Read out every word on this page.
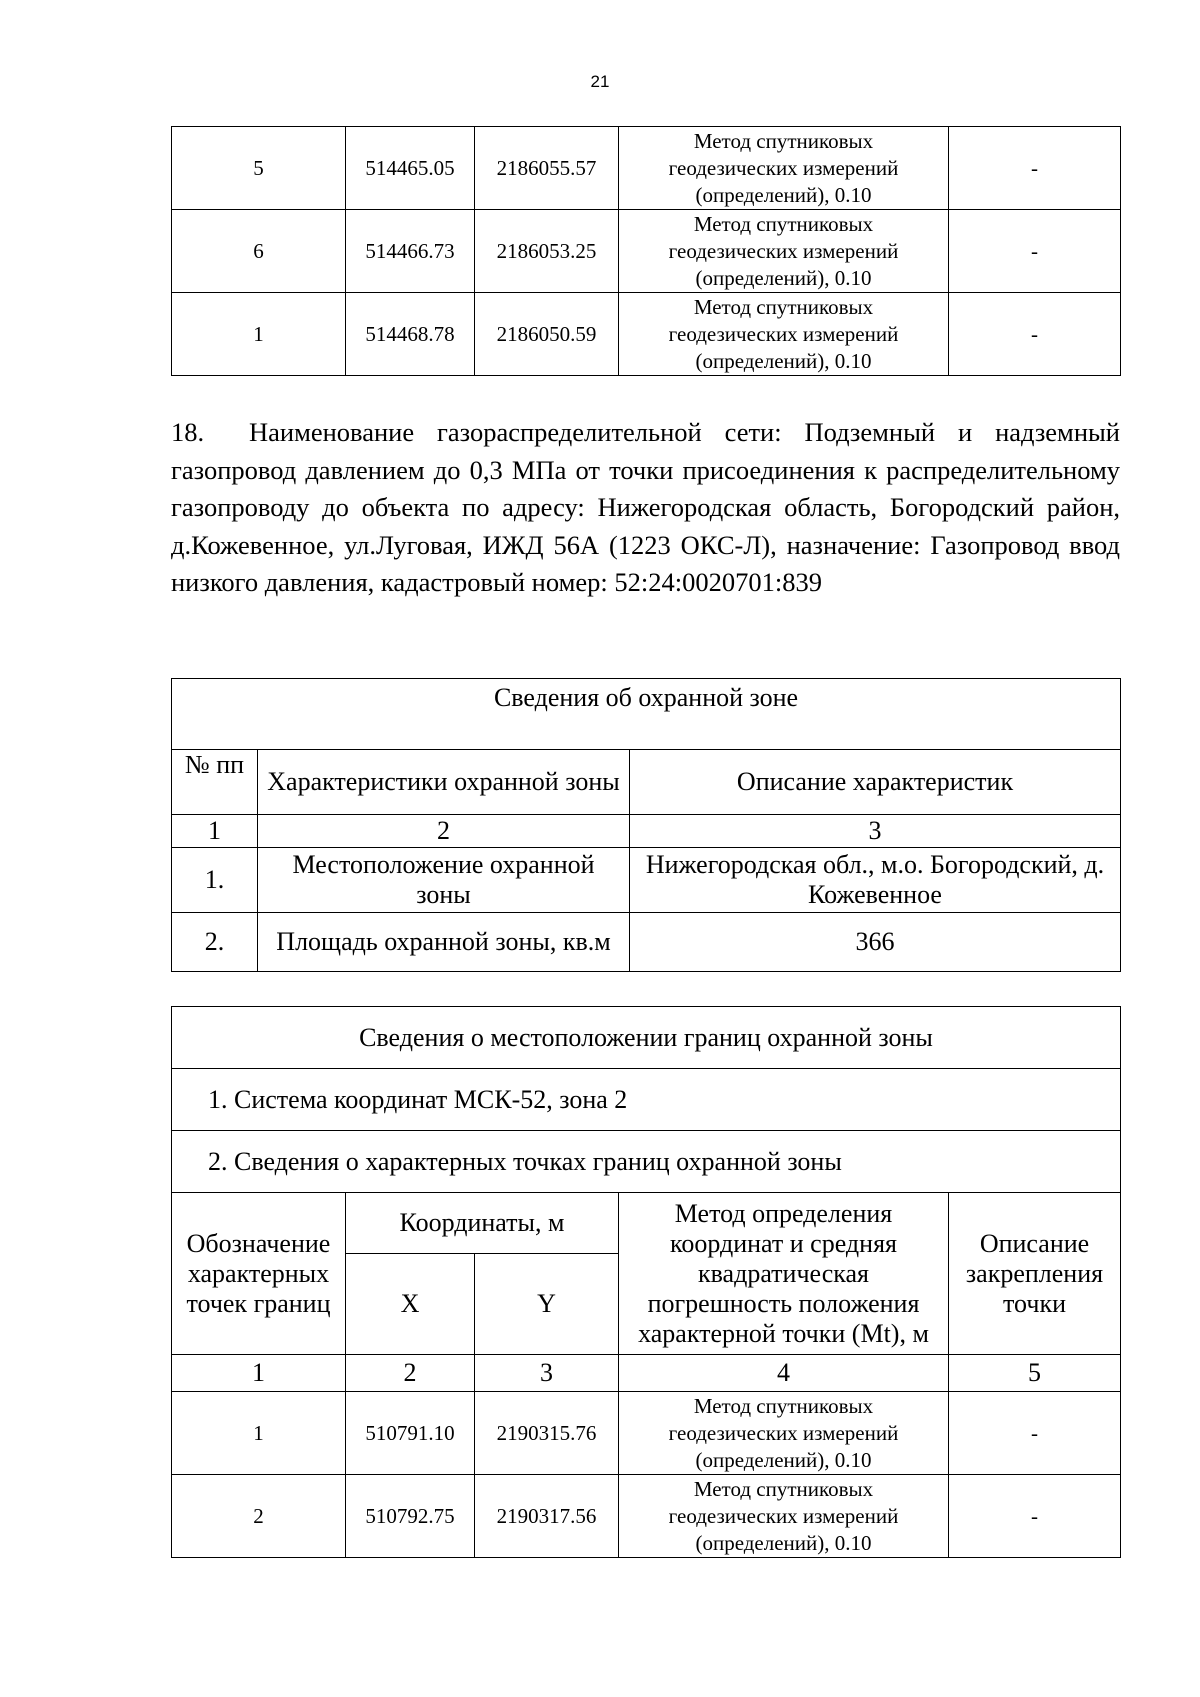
21
5	514465.05	2186055.57	Метод спутниковых
геодезических измерений
(определений), 0.10	-
6	514466.73	2186053.25	Метод спутниковых
геодезических измерений
(определений), 0.10	-
1	514468.78	2186050.59	Метод спутниковых
геодезических измерений
(определений), 0.10	-
18. Наименование газораспределительной сети: Подземный и надземный газопровод давлением до 0,3 МПа от точки присоединения к распределительному газопроводу до объекта по адресу: Нижегородская область, Богородский район, д.Кожевенное, ул.Луговая, ИЖД 56А (1223 ОКС-Л), назначение: Газопровод ввод низкого давления, кадастровый номер: 52:24:0020701:839
Сведения об охранной зоне		
№ пп	Характеристики охранной зоны	Описание характеристик
1	2	3
1.	Местоположение охранной зоны	Нижегородская обл., м.о. Богородский, д. Кожевенное
2.	Площадь охранной зоны, кв.м	366
Сведения о местоположении границ охранной зоны				
1. Система координат МСК-52, зона 2				
2. Сведения о характерных точках границ охранной зоны				
Обозначение характерных точек границ	Координаты, м		Метод определения координат и средняя квадратическая погрешность положения характерной точки (Mt), м	Описание закрепления точки
	X	Y		
1	2	3	4	5
1	510791.10	2190315.76	Метод спутниковых
геодезических измерений
(определений), 0.10	-
2	510792.75	2190317.56	Метод спутниковых
геодезических измерений
(определений), 0.10	-
